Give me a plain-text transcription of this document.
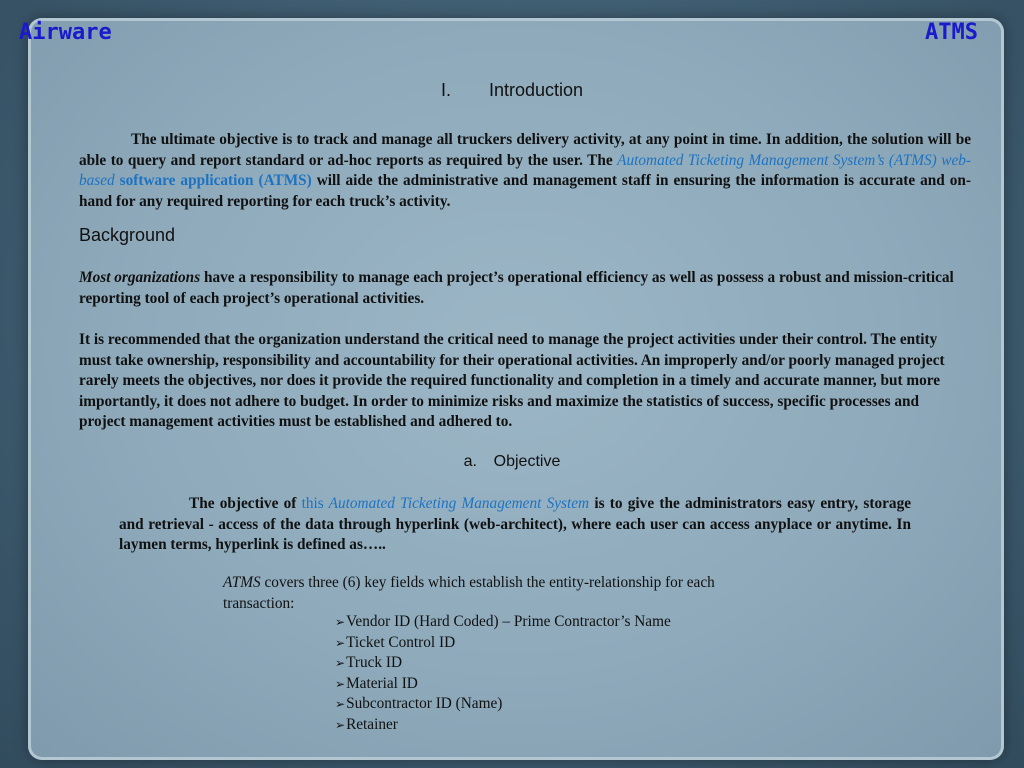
Airware	ATMS
I. Introduction
The ultimate objective is to track and manage all truckers delivery activity, at any point in time. In addition, the solution will be able to query and report standard or ad-hoc reports as required by the user. The Automated Ticketing Management System’s (ATMS) web-based software application (ATMS) will aide the administrative and management staff in ensuring the information is accurate and on-hand for any required reporting for each truck’s activity.
Background
Most organizations have a responsibility to manage each project’s operational efficiency as well as possess a robust and mission-critical reporting tool of each project’s operational activities.
It is recommended that the organization understand the critical need to manage the project activities under their control. The entity must take ownership, responsibility and accountability for their operational activities. An improperly and/or poorly managed project rarely meets the objectives, nor does it provide the required functionality and completion in a timely and accurate manner, but more importantly, it does not adhere to budget. In order to minimize risks and maximize the statistics of success, specific processes and project management activities must be established and adhered to.
a. Objective
The objective of this Automated Ticketing Management System is to give the administrators easy entry, storage and retrieval - access of the data through hyperlink (web-architect), where each user can access anyplace or anytime. In laymen terms, hyperlink is defined as…..
ATMS covers three (6) key fields which establish the entity-relationship for each transaction:
➢Vendor ID (Hard Coded) – Prime Contractor’s Name
➢Ticket Control ID
➢Truck ID
➢Material ID
➢Subcontractor ID (Name)
➢Retainer
